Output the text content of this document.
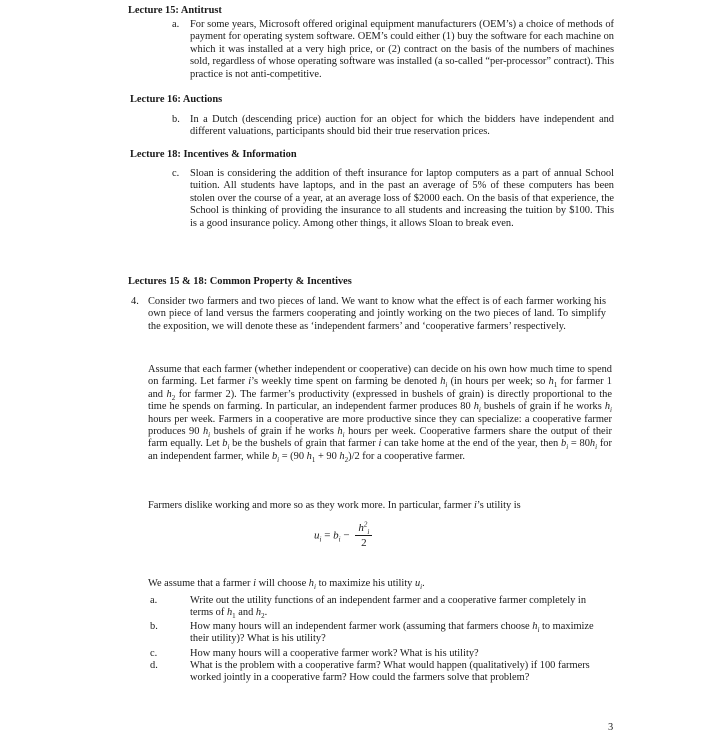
Lecture 15: Antitrust
a. For some years, Microsoft offered original equipment manufacturers (OEM’s) a choice of methods of payment for operating system software. OEM’s could either (1) buy the software for each machine on which it was installed at a very high price, or (2) contract on the basis of the numbers of machines sold, regardless of whose operating software was installed (a so-called “per-processor” contract). This practice is not anti-competitive.
Lecture 16: Auctions
b. In a Dutch (descending price) auction for an object for which the bidders have independent and different valuations, participants should bid their true reservation prices.
Lecture 18: Incentives & Information
c. Sloan is considering the addition of theft insurance for laptop computers as a part of annual School tuition. All students have laptops, and in the past an average of 5% of these computers has been stolen over the course of a year, at an average loss of $2000 each. On the basis of that experience, the School is thinking of providing the insurance to all students and increasing the tuition by $100. This is a good insurance policy. Among other things, it allows Sloan to break even.
Lectures 15 & 18: Common Property & Incentives
4. Consider two farmers and two pieces of land. We want to know what the effect is of each farmer working his own piece of land versus the farmers cooperating and jointly working on the two pieces of land. To simplify the exposition, we will denote these as ‘independent farmers’ and ‘cooperative farmers’ respectively.
Assume that each farmer (whether independent or cooperative) can decide on his own how much time to spend on farming. Let farmer i’s weekly time spent on farming be denoted $h_i$ (in hours per week; so $h_1$ for farmer 1 and $h_2$ for farmer 2). The farmer’s productivity (expressed in bushels of grain) is directly proportional to the time he spends on farming. In particular, an independent farmer produces 80 $h_i$ bushels of grain if he works $h_i$ hours per week. Farmers in a cooperative are more productive since they can specialize: a cooperative farmer produces 90 $h_i$ bushels of grain if he works $h_i$ hours per week. Cooperative farmers share the output of their farm equally. Let $b_i$ be the bushels of grain that farmer i can take home at the end of the year, then $b_i = 80h_i$ for an independent farmer, while $b_i = (90$ $h_1 + 90$ $h_2)/2$ for a cooperative farmer.
Farmers dislike working and more so as they work more. In particular, farmer i’s utility is
$u_i = b_i - \frac{h^2_i}{2}$
We assume that a farmer i will choose $h_i$ to maximize his utility $u_i$.
a.	Write out the utility functions of an independent farmer and a cooperative farmer completely in terms of $h_1$ and $h_2$.
b.	How many hours will an independent farmer work (assuming that farmers choose $h_i$ to maximize their utility)? What is his utility?
c.	How many hours will a cooperative farmer work? What is his utility?
d.	What is the problem with a cooperative farm? What would happen (qualitatively) if 100 farmers worked jointly in a cooperative farm? How could the farmers solve that problem?
3
